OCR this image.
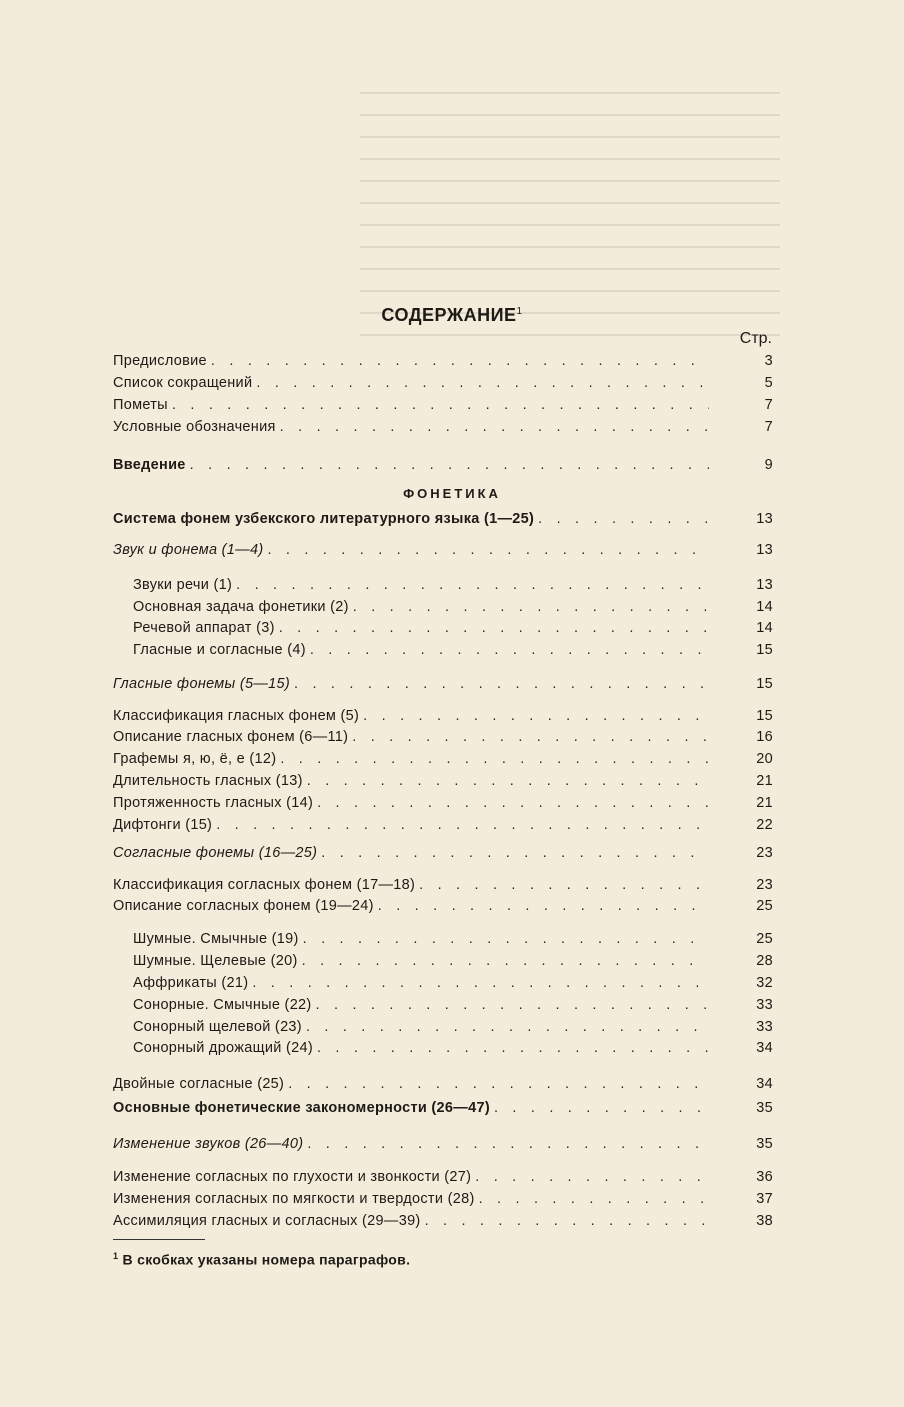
СОДЕРЖАНИЕ$^1$
Стр.
Предисловие . . .	3
Список сокращений . . .	5
Пометы . . .	7
Условные обозначения . . .	7
Введение . . .	9
ФОНЕТИКА
Система фонем узбекского литературного языка (1—25) . . .	13
Звук и фонема (1—4) . . .	13
Звуки речи (1) . . .	13
Основная задача фонетики (2) . . .	14
Речевой аппарат (3) . . .	14
Гласные и согласные (4) . . .	15
Гласные фонемы (5—15) . . .	15
Классификация гласных фонем (5) . . .	15
Описание гласных фонем (6—11) . . .	16
Графемы я, ю, ё, е (12) . . .	20
Длительность гласных (13) . . .	21
Протяженность гласных (14) . . .	21
Дифтонги (15) . . .	22
Согласные фонемы (16—25) . . .	23
Классификация согласных фонем (17—18) . . .	23
Описание согласных фонем (19—24) . . .	25
Шумные. Смычные (19) . . .	25
Шумные. Щелевые (20) . . .	28
Аффрикаты (21) . . .	32
Сонорные. Смычные (22) . . .	33
Сонорный щелевой (23) . . .	33
Сонорный дрожащий (24) . . .	34
Двойные согласные (25) . . .	34
Основные фонетические закономерности (26—47) . . .	35
Изменение звуков (26—40) . . .	35
Изменение согласных по глухости и звонкости (27) . . .	36
Изменения согласных по мягкости и твердости (28) . . .	37
Ассимиляция гласных и согласных (29—39) . . .	38
$^1$ В скобках указаны номера параграфов.
